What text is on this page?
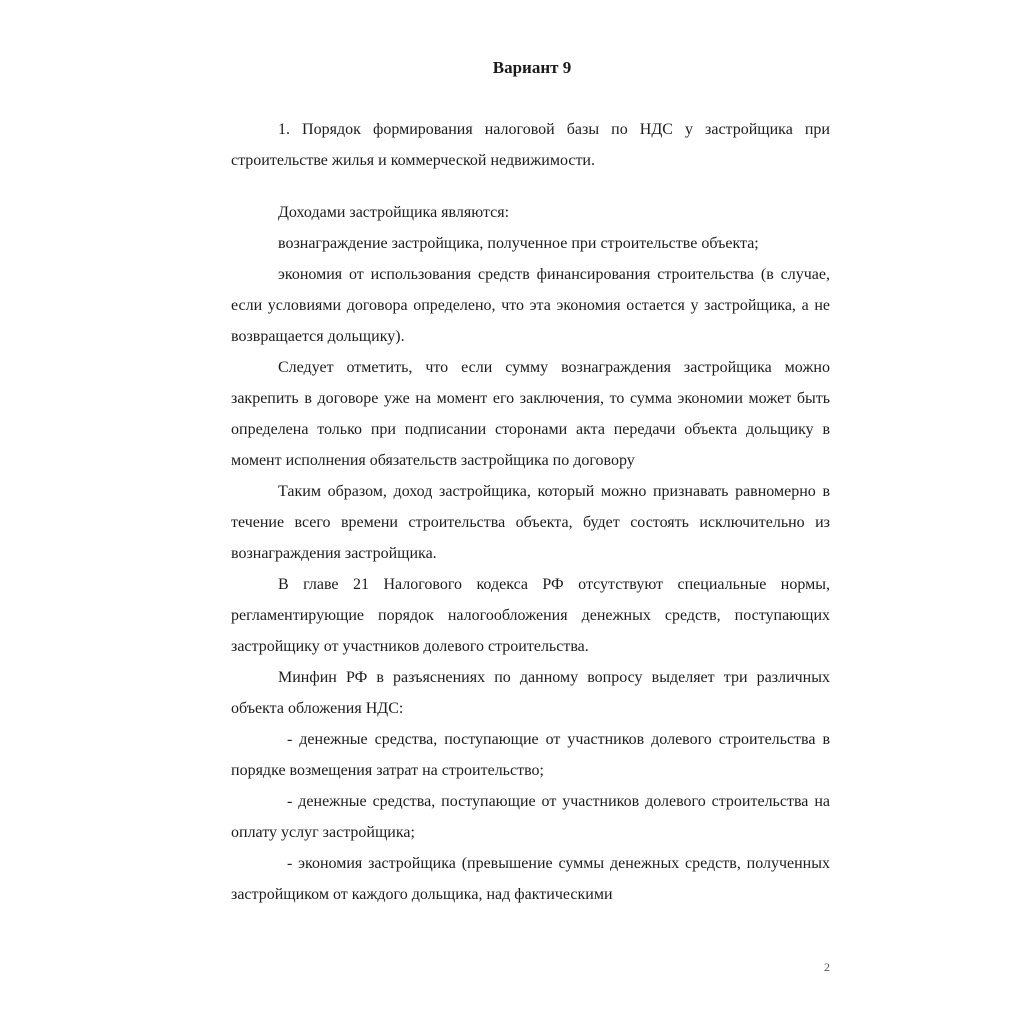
Вариант 9

1. Порядок формирования налоговой базы по НДС у застройщика при строительстве жилья и коммерческой недвижимости.

Доходами застройщика являются:

вознаграждение застройщика, полученное при строительстве объекта;

экономия от использования средств финансирования строительства (в случае, если условиями договора определено, что эта экономия остается у застройщика, а не возвращается дольщику).

Следует отметить, что если сумму вознаграждения застройщика можно закрепить в договоре уже на момент его заключения, то сумма экономии может быть определена только при подписании сторонами акта передачи объекта дольщику в момент исполнения обязательств застройщика по договору

Таким образом, доход застройщика, который можно признавать равномерно в течение всего времени строительства объекта, будет состоять исключительно из вознаграждения застройщика.

В главе 21 Налогового кодекса РФ отсутствуют специальные нормы, регламентирующие порядок налогообложения денежных средств, поступающих застройщику от участников долевого строительства.

Минфин РФ в разъяснениях по данному вопросу выделяет три различных объекта обложения НДС:

- денежные средства, поступающие от участников долевого строительства в порядке возмещения затрат на строительство;

- денежные средства, поступающие от участников долевого строительства на оплату услуг застройщика;

- экономия застройщика (превышение суммы денежных средств, полученных застройщиком от каждого дольщика, над фактическими

2
